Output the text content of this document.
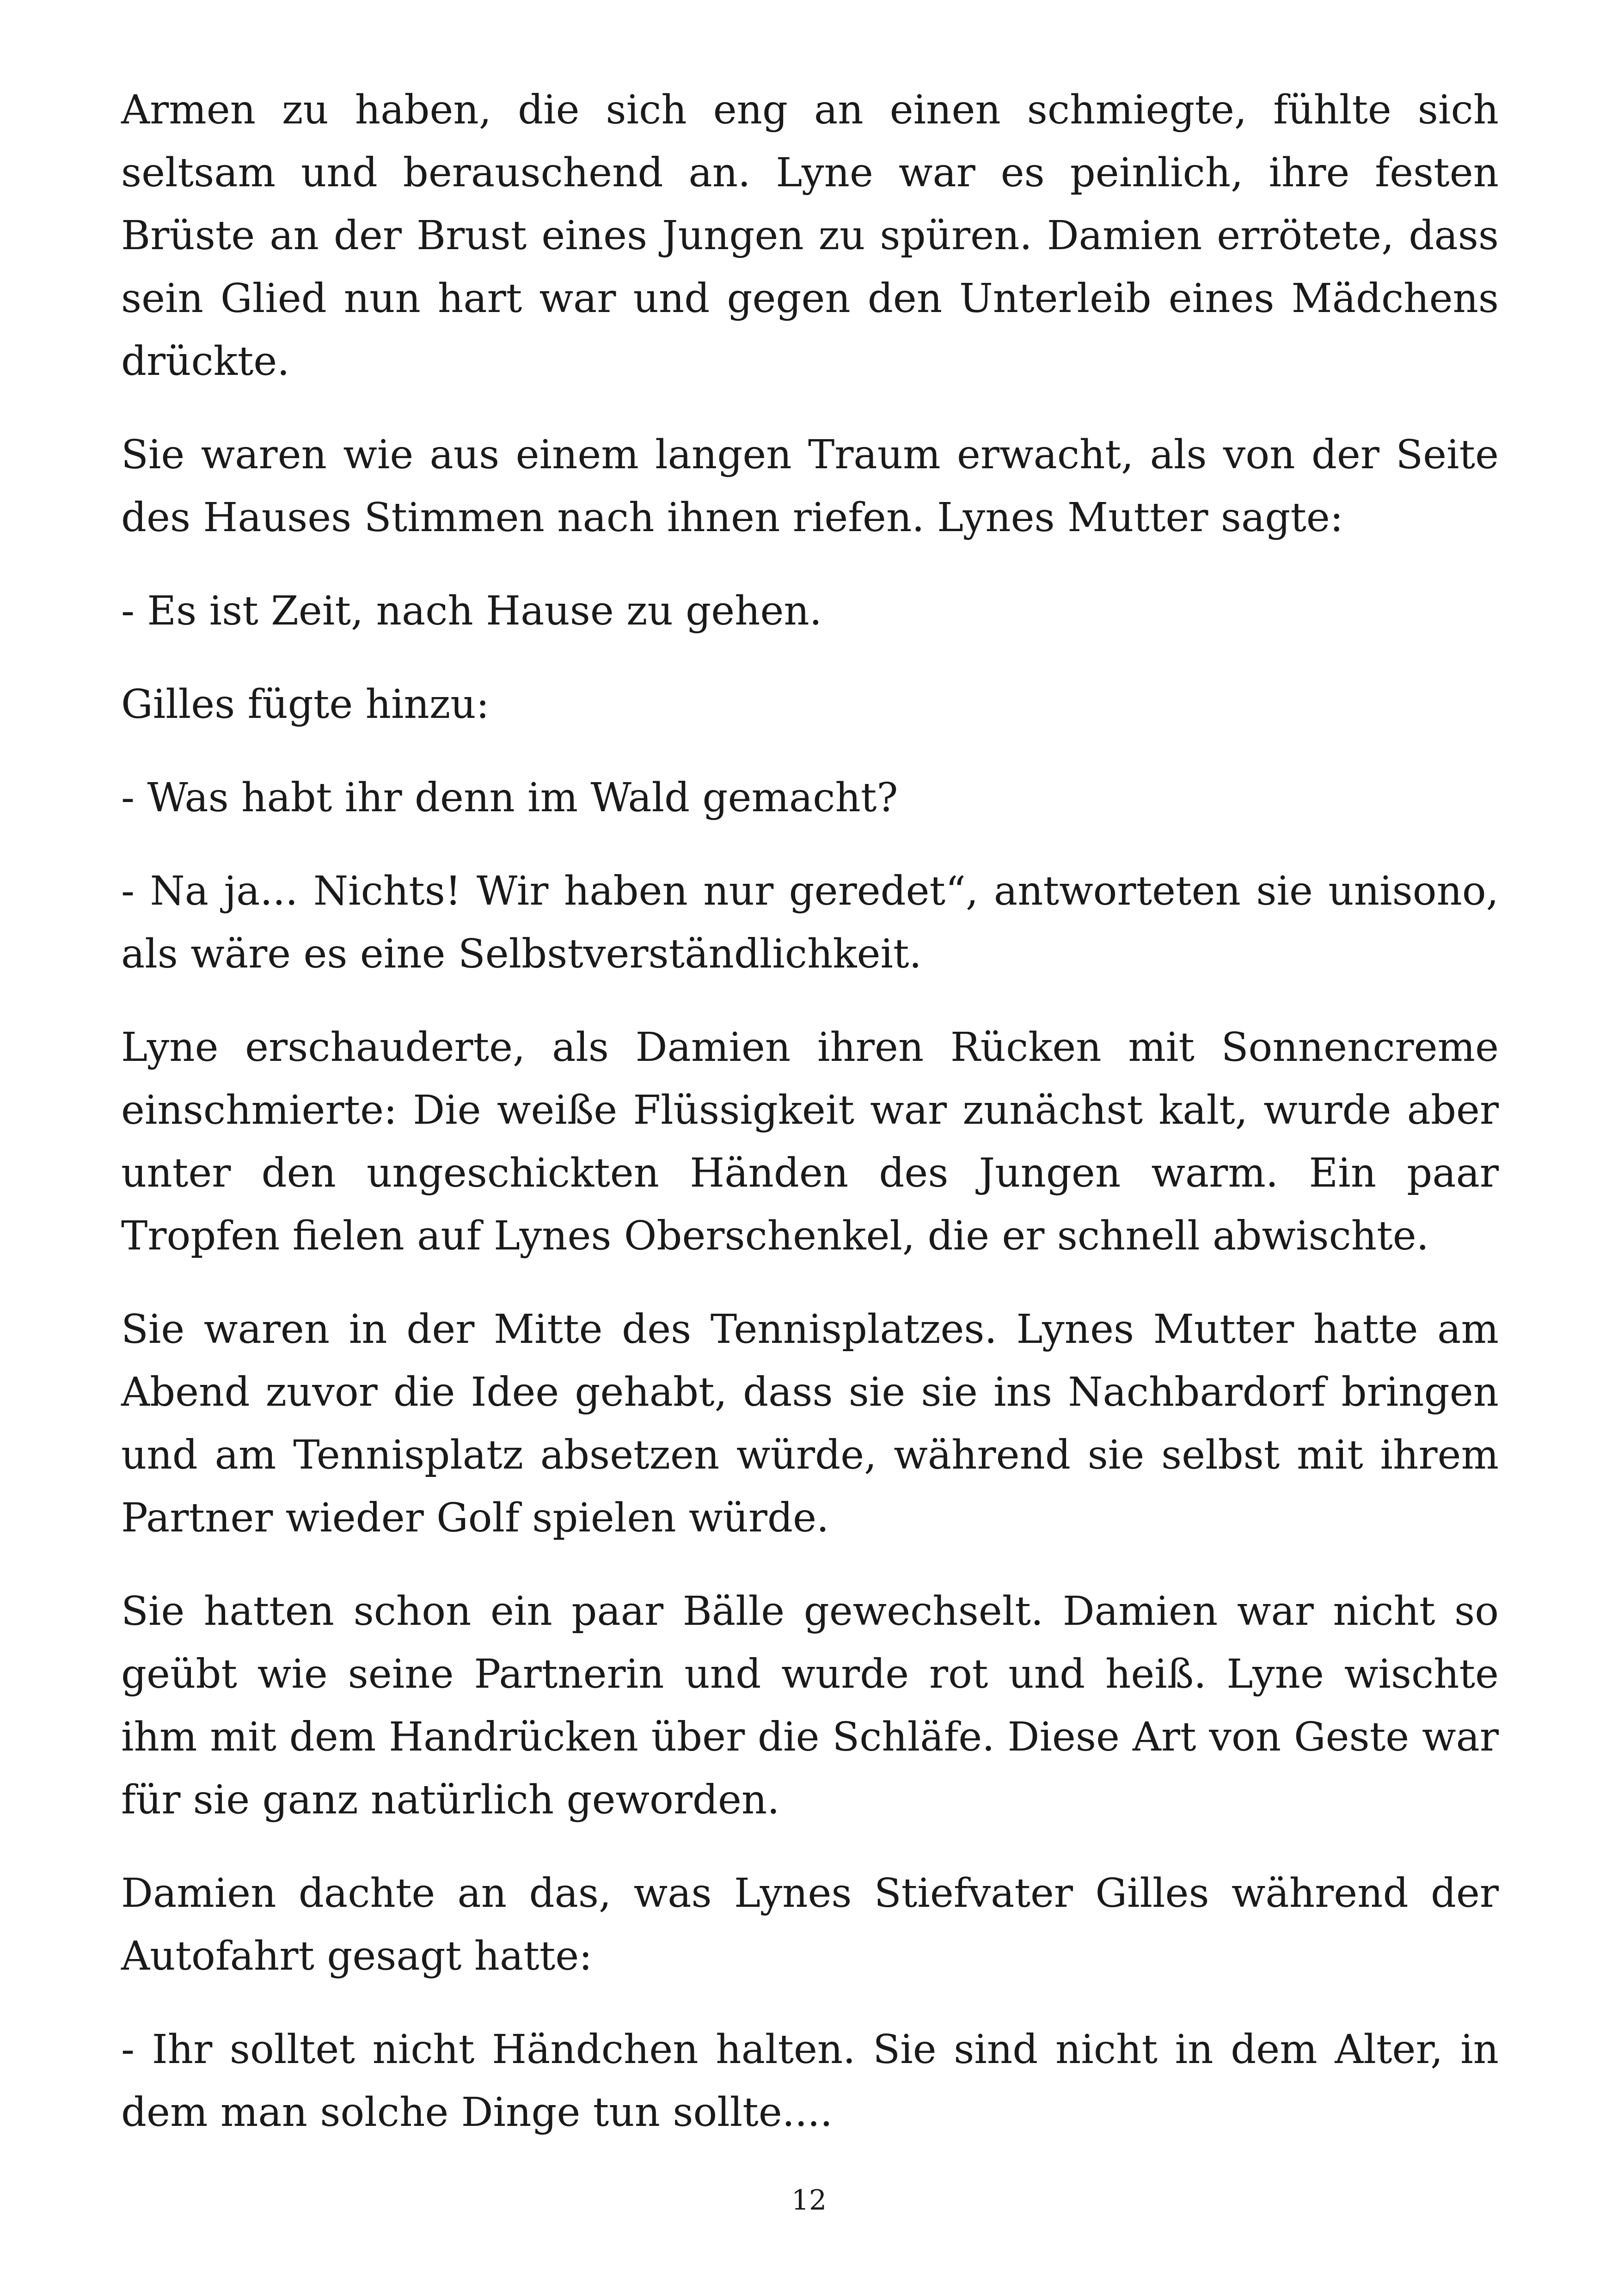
Armen zu haben, die sich eng an einen schmiegte, fühlte sich seltsam und berauschend an. Lyne war es peinlich, ihre festen Brüste an der Brust eines Jungen zu spüren. Damien errötete, dass sein Glied nun hart war und gegen den Unterleib eines Mädchens drückte.

Sie waren wie aus einem langen Traum erwacht, als von der Seite des Hauses Stimmen nach ihnen riefen. Lynes Mutter sagte:

- Es ist Zeit, nach Hause zu gehen.

Gilles fügte hinzu:

- Was habt ihr denn im Wald gemacht?

- Na ja... Nichts! Wir haben nur geredet“, antworteten sie unisono, als wäre es eine Selbstverständlichkeit.

Lyne erschauderte, als Damien ihren Rücken mit Sonnencreme einschmierte: Die weiße Flüssigkeit war zunächst kalt, wurde aber unter den ungeschickten Händen des Jungen warm. Ein paar Tropfen fielen auf Lynes Oberschenkel, die er schnell abwischte.

Sie waren in der Mitte des Tennisplatzes. Lynes Mutter hatte am Abend zuvor die Idee gehabt, dass sie sie ins Nachbardorf bringen und am Tennisplatz absetzen würde, während sie selbst mit ihrem Partner wieder Golf spielen würde.

Sie hatten schon ein paar Bälle gewechselt. Damien war nicht so geübt wie seine Partnerin und wurde rot und heiß. Lyne wischte ihm mit dem Handrücken über die Schläfe. Diese Art von Geste war für sie ganz natürlich geworden.

Damien dachte an das, was Lynes Stiefvater Gilles während der Autofahrt gesagt hatte:

- Ihr solltet nicht Händchen halten. Sie sind nicht in dem Alter, in dem man solche Dinge tun sollte....

12
